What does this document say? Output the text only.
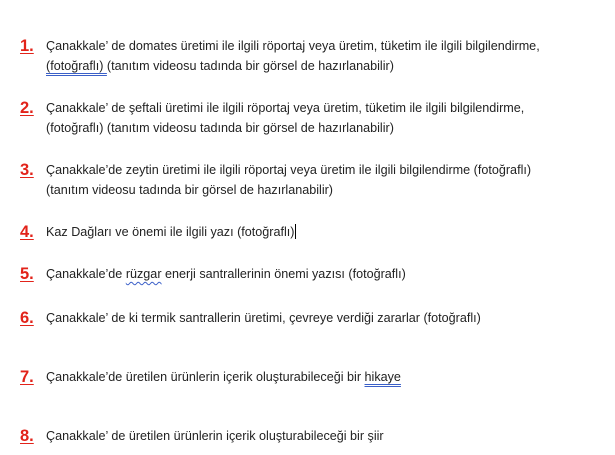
1. Çanakkale’ de domates üretimi ile ilgili röportaj veya üretim, tüketim ile ilgili bilgilendirme,
(fotoğraflı) (tanıtım videosu tadında bir görsel de hazırlanabilir)
2. Çanakkale’ de şeftali üretimi ile ilgili röportaj veya üretim, tüketim ile ilgili bilgilendirme,
(fotoğraflı) (tanıtım videosu tadında bir görsel de hazırlanabilir)
3. Çanakkale’de zeytin üretimi ile ilgili röportaj veya üretim ile ilgili bilgilendirme (fotoğraflı)
(tanıtım videosu tadında bir görsel de hazırlanabilir)
4. Kaz Dağları ve önemi ile ilgili yazı (fotoğraflı)
5. Çanakkale’de rüzgar enerji santrallerinin önemi yazısı (fotoğraflı)
6. Çanakkale’ de ki termik santrallerin üretimi, çevreye verdiği zararlar (fotoğraflı)
7. Çanakkale’de üretilen ürünlerin içerik oluşturabileceği bir hikaye
8. Çanakkale’ de üretilen ürünlerin içerik oluşturabileceği bir şiir
